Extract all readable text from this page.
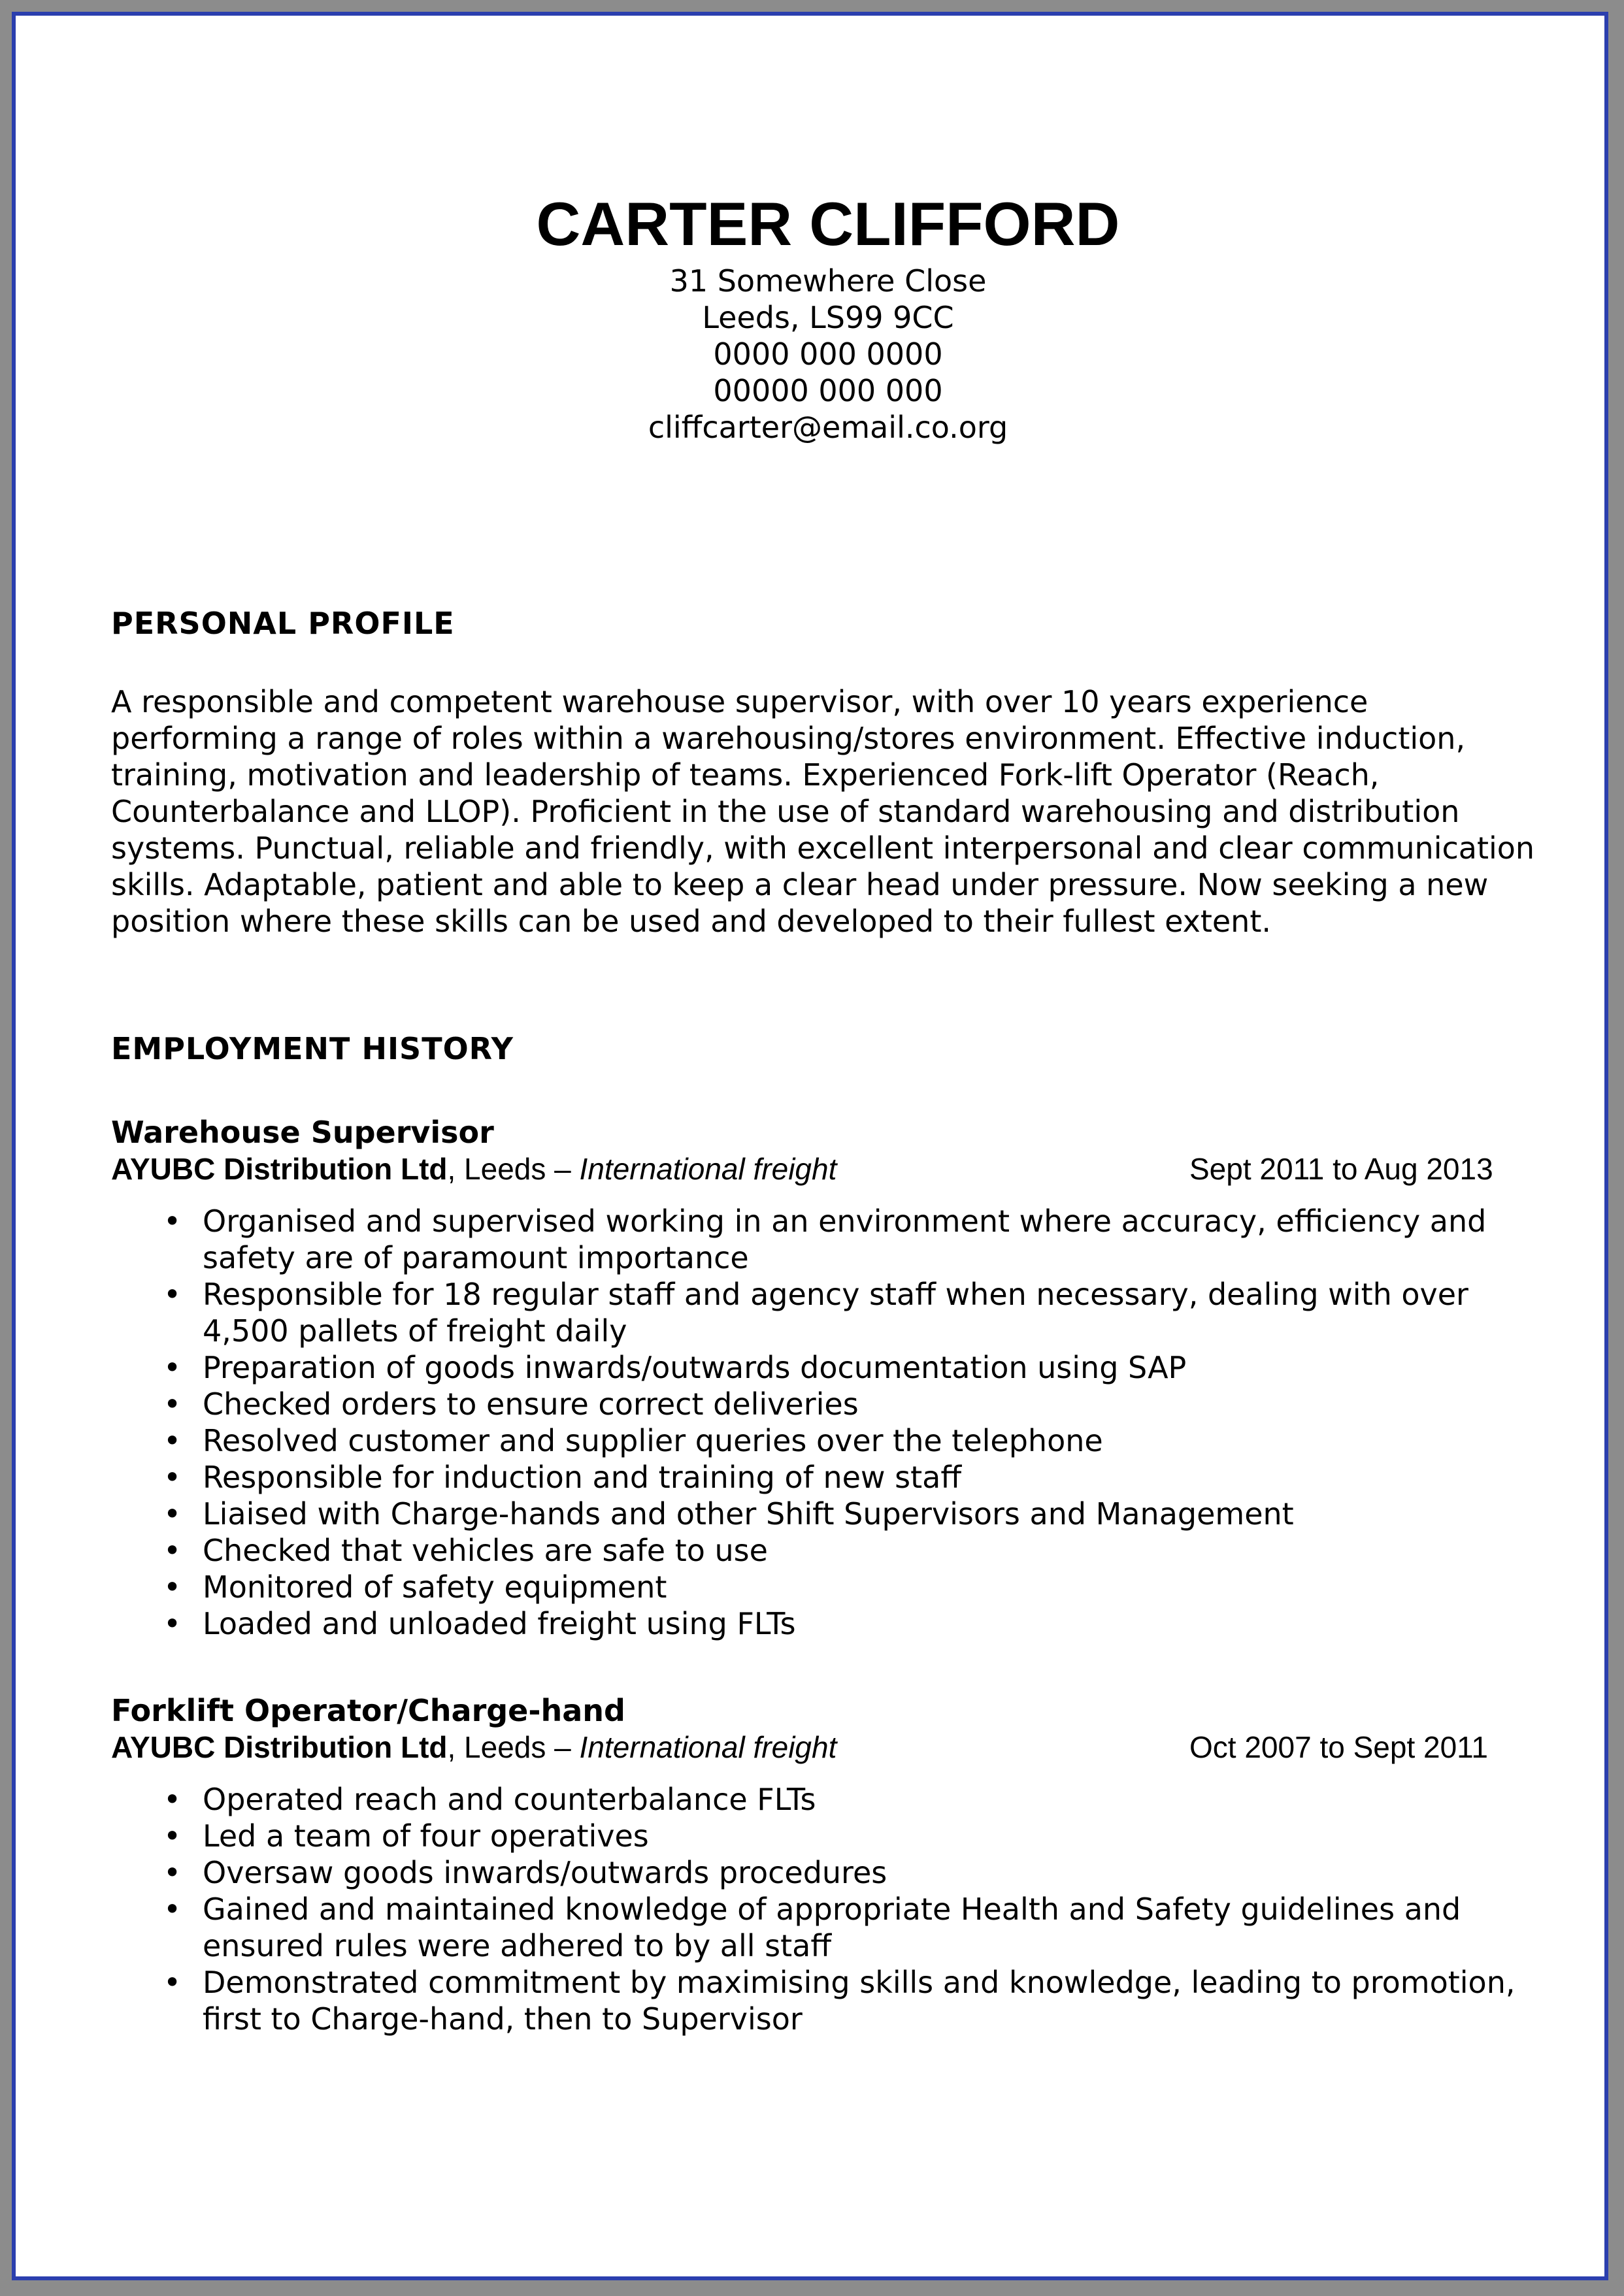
CARTER CLIFFORD
31 Somewhere Close
Leeds, LS99 9CC
0000 000 0000
00000 000 000
cliffcarter@email.co.org
PERSONAL PROFILE
A responsible and competent warehouse supervisor, with over 10 years experience
performing a range of roles within a warehousing/stores environment. Effective induction,
training, motivation and leadership of teams. Experienced Fork-lift Operator (Reach,
Counterbalance and LLOP). Proficient in the use of standard warehousing and distribution
systems. Punctual, reliable and friendly, with excellent interpersonal and clear communication
skills. Adaptable, patient and able to keep a clear head under pressure. Now seeking a new
position where these skills can be used and developed to their fullest extent.
EMPLOYMENT HISTORY
Warehouse Supervisor
AYUBC Distribution Ltd, Leeds – International freight	Sept 2011 to Aug 2013
• Organised and supervised working in an environment where accuracy, efficiency and safety are of paramount importance
• Responsible for 18 regular staff and agency staff when necessary, dealing with over 4,500 pallets of freight daily
• Preparation of goods inwards/outwards documentation using SAP
• Checked orders to ensure correct deliveries
• Resolved customer and supplier queries over the telephone
• Responsible for induction and training of new staff
• Liaised with Charge-hands and other Shift Supervisors and Management
• Checked that vehicles are safe to use
• Monitored of safety equipment
• Loaded and unloaded freight using FLTs
Forklift Operator/Charge-hand
AYUBC Distribution Ltd, Leeds – International freight	Oct 2007 to Sept 2011
• Operated reach and counterbalance FLTs
• Led a team of four operatives
• Oversaw goods inwards/outwards procedures
• Gained and maintained knowledge of appropriate Health and Safety guidelines and ensured rules were adhered to by all staff
• Demonstrated commitment by maximising skills and knowledge, leading to promotion, first to Charge-hand, then to Supervisor
